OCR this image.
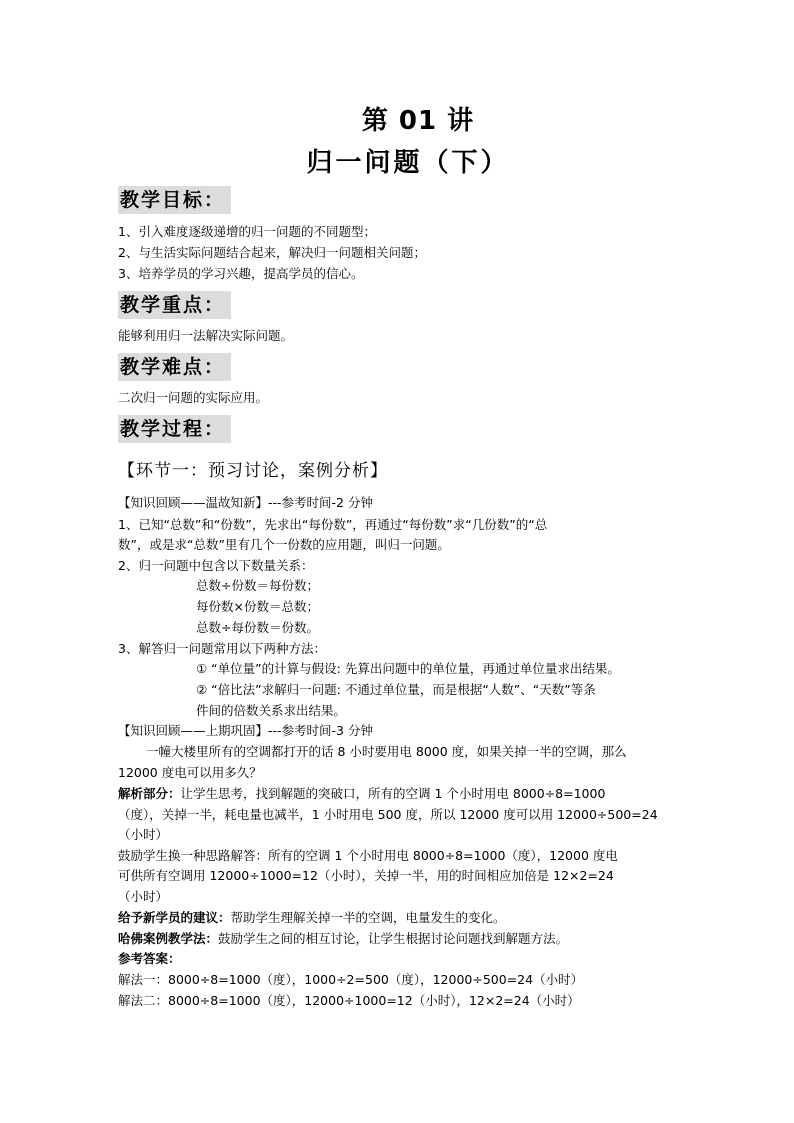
第 01 讲
归一问题（下）
教学目标：
1、引入难度逐级递增的归一问题的不同题型；
2、与生活实际问题结合起来，解决归一问题相关问题；
3、培养学员的学习兴趣，提高学员的信心。
教学重点：
能够利用归一法解决实际问题。
教学难点：
二次归一问题的实际应用。
教学过程：
【环节一：预习讨论，案例分析】
【知识回顾——温故知新】---参考时间-2 分钟
1、已知“总数”和“份数”，先求出“每份数”，再通过“每份数”求“几份数”的“总
数”，或是求“总数”里有几个一份数的应用题，叫归一问题。
2、归一问题中包含以下数量关系：
总数÷份数＝每份数；
每份数×份数＝总数；
总数÷每份数＝份数。
3、解答归一问题常用以下两种方法：
① “单位量”的计算与假设: 先算出问题中的单位量，再通过单位量求出结果。
② “倍比法”求解归一问题: 不通过单位量，而是根据“人数”、“天数”等条
件间的倍数关系求出结果。
【知识回顾——上期巩固】---参考时间-3 分钟
一幢大楼里所有的空调都打开的话 8 小时要用电 8000 度，如果关掉一半的空调，那么
12000 度电可以用多久？
解析部分：让学生思考，找到解题的突破口，所有的空调 1 个小时用电 8000÷8=1000
（度），关掉一半，耗电量也减半，1 小时用电 500 度，所以 12000 度可以用 12000÷500=24
（小时）
鼓励学生换一种思路解答：所有的空调 1 个小时用电 8000÷8=1000（度），12000 度电
可供所有空调用 12000÷1000=12（小时），关掉一半，用的时间相应加倍是 12×2=24
（小时）
给予新学员的建议：帮助学生理解关掉一半的空调，电量发生的变化。
哈佛案例教学法：鼓励学生之间的相互讨论，让学生根据讨论问题找到解题方法。
参考答案：
解法一：8000÷8=1000（度），1000÷2=500（度），12000÷500=24（小时）
解法二：8000÷8=1000（度），12000÷1000=12（小时），12×2=24（小时）
